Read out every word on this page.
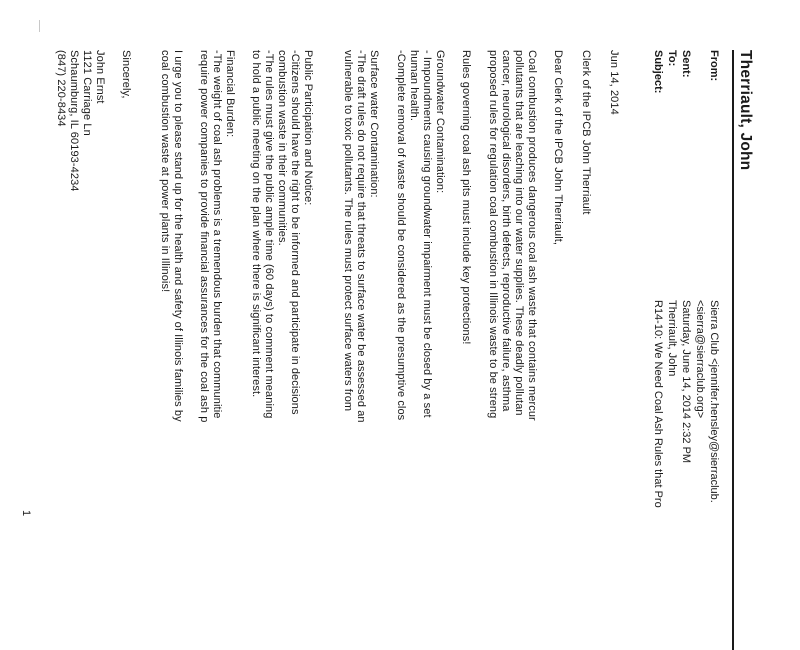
Therriault, John
From:
Sierra Club <jennifer.hensley@sierraclub.
<sierra@sierraclub.org>
Sent:
Saturday, June 14, 2014 2:32 PM
To:
Therriault, John
Subject:
R14-10: We Need Coal Ash Rules that Pro
Jun 14, 2014
Clerk of the IPCB John Therriault
Dear Clerk of the IPCB John Therriault,
Coal combustion produces dangerous coal ash waste that contains mercur
pollutants that are leaching into our water supplies. These deadly pollutan
cancer, neurological disorders, birth defects, reproductive failure, asthma
proposed rules for regulation coal combustion in Illinois waste to be streng
Rules governing coal ash pits must include key protections!
Groundwater Contamination:
- Impoundments causing groundwater impairment must be closed by a set
human health.
-Complete removal of waste should be considered as the presumptive clos
Surface water Contamination:
-The draft rules do not require that threats to surface water be assessed an
vulnerable to toxic pollutants. The rules must protect surface waters from
Public Participation and Notice:
-Citizens should have the right to be informed and participate in decisions
combustion waste in their communities.
-The rules must give the public ample time (60 days) to comment meaning
to hold a public meeting on the plan where there is significant interest.
Financial Burden:
-The weight of coal ash problems is a tremendous burden that communitie
require power companies to provide financial assurances for the coal ash p
I urge you to please stand up for the health and safety of Illinois families by
coal combustion waste at power plants in Illinois!
Sincerely,
John Ernst
1121 Carriage Ln
Schaumburg, IL 60193-4234
(847) 220-8434
1
